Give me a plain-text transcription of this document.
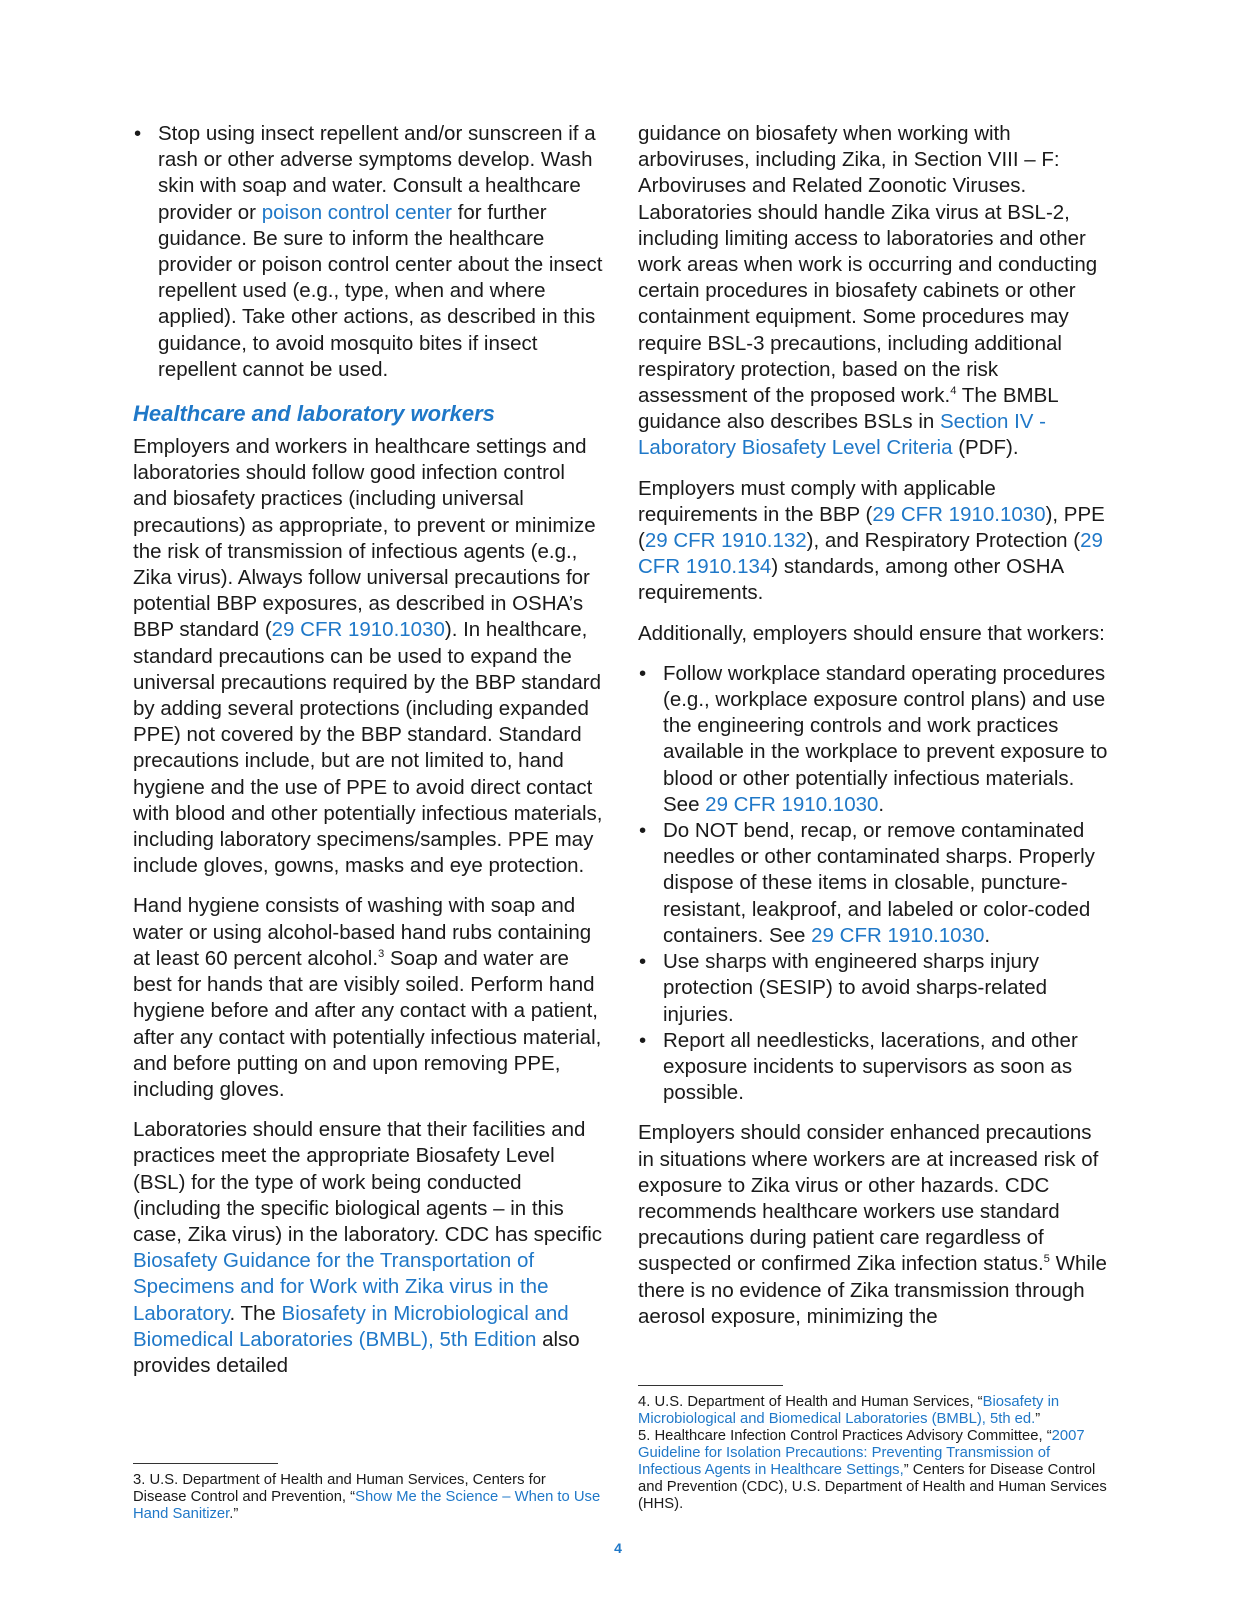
• Stop using insect repellent and/or sunscreen if a rash or other adverse symptoms develop. Wash skin with soap and water. Consult a healthcare provider or poison control center for further guidance. Be sure to inform the healthcare provider or poison control center about the insect repellent used (e.g., type, when and where applied). Take other actions, as described in this guidance, to avoid mosquito bites if insect repellent cannot be used.
Healthcare and laboratory workers

Employers and workers in healthcare settings and laboratories should follow good infection control and biosafety practices (including universal precautions) as appropriate, to prevent or minimize the risk of transmission of infectious agents (e.g., Zika virus). Always follow universal precautions for potential BBP exposures, as described in OSHA’s BBP standard (29 CFR 1910.1030). In healthcare, standard precautions can be used to expand the universal precautions required by the BBP standard by adding several protections (including expanded PPE) not covered by the BBP standard. Standard precautions include, but are not limited to, hand hygiene and the use of PPE to avoid direct contact with blood and other potentially infectious materials, including laboratory specimens/samples. PPE may include gloves, gowns, masks and eye protection.

Hand hygiene consists of washing with soap and water or using alcohol-based hand rubs containing at least 60 percent alcohol.$^3$ Soap and water are best for hands that are visibly soiled. Perform hand hygiene before and after any contact with a patient, after any contact with potentially infectious material, and before putting on and upon removing PPE, including gloves.

Laboratories should ensure that their facilities and practices meet the appropriate Biosafety Level (BSL) for the type of work being conducted (including the specific biological agents – in this case, Zika virus) in the laboratory. CDC has specific Biosafety Guidance for the Transportation of Specimens and for Work with Zika virus in the Laboratory. The Biosafety in Microbiological and Biomedical Laboratories (BMBL), 5th Edition also provides detailed

3. U.S. Department of Health and Human Services, Centers for Disease Control and Prevention, “Show Me the Science – When to Use Hand Sanitizer.”

guidance on biosafety when working with arboviruses, including Zika, in Section VIII – F: Arboviruses and Related Zoonotic Viruses. Laboratories should handle Zika virus at BSL-2, including limiting access to laboratories and other work areas when work is occurring and conducting certain procedures in biosafety cabinets or other containment equipment. Some procedures may require BSL-3 precautions, including additional respiratory protection, based on the risk assessment of the proposed work.$^4$ The BMBL guidance also describes BSLs in Section IV - Laboratory Biosafety Level Criteria (PDF).

Employers must comply with applicable requirements in the BBP (29 CFR 1910.1030), PPE (29 CFR 1910.132), and Respiratory Protection (29 CFR 1910.134) standards, among other OSHA requirements.

Additionally, employers should ensure that workers:

• Follow workplace standard operating procedures (e.g., workplace exposure control plans) and use the engineering controls and work practices available in the workplace to prevent exposure to blood or other potentially infectious materials. See 29 CFR 1910.1030.
• Do NOT bend, recap, or remove contaminated needles or other contaminated sharps. Properly dispose of these items in closable, puncture-resistant, leakproof, and labeled or color-coded containers. See 29 CFR 1910.1030.
• Use sharps with engineered sharps injury protection (SESIP) to avoid sharps-related injuries.
• Report all needlesticks, lacerations, and other exposure incidents to supervisors as soon as possible.

Employers should consider enhanced precautions in situations where workers are at increased risk of exposure to Zika virus or other hazards. CDC recommends healthcare workers use standard precautions during patient care regardless of suspected or confirmed Zika infection status.$^5$ While there is no evidence of Zika transmission through aerosol exposure, minimizing the

4. U.S. Department of Health and Human Services, “Biosafety in Microbiological and Biomedical Laboratories (BMBL), 5th ed.”

5. Healthcare Infection Control Practices Advisory Committee, “2007 Guideline for Isolation Precautions: Preventing Transmission of Infectious Agents in Healthcare Settings,” Centers for Disease Control and Prevention (CDC), U.S. Department of Health and Human Services (HHS).

4
